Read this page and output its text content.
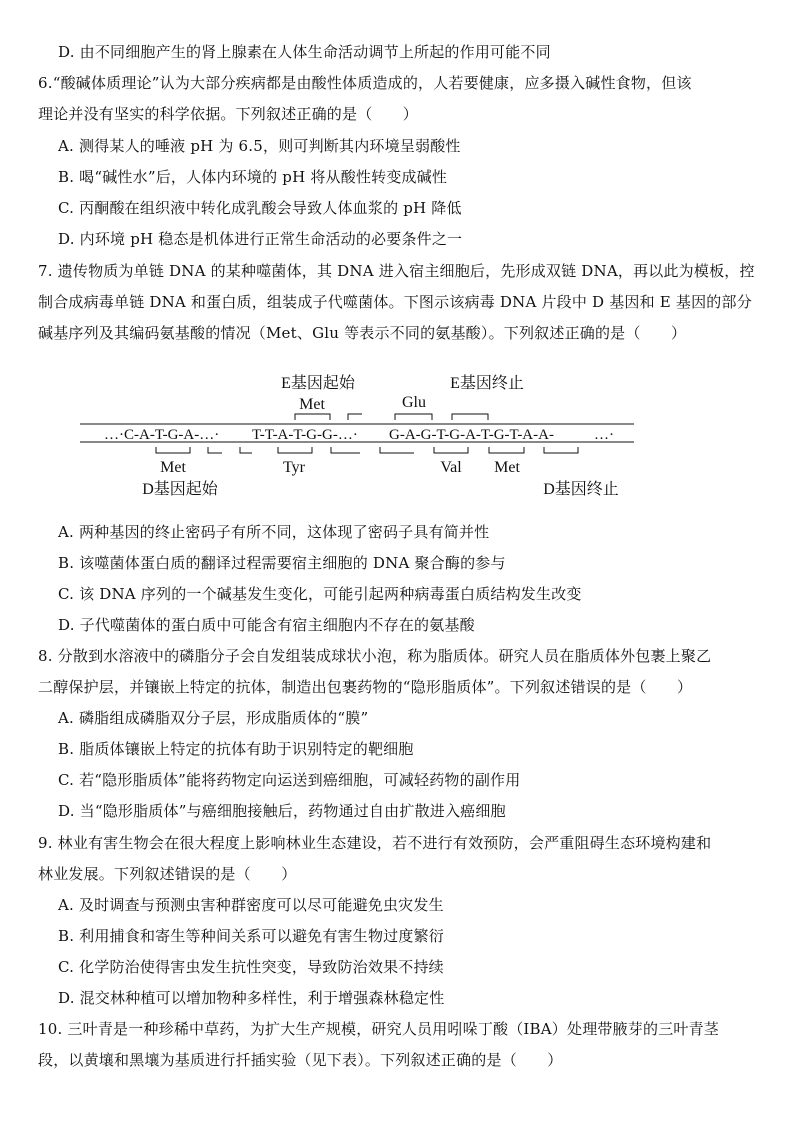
D. 由不同细胞产生的肾上腺素在人体生命活动调节上所起的作用可能不同
6.“酸碱体质理论”认为大部分疾病都是由酸性体质造成的，人若要健康，应多摄入碱性食物，但该
理论并没有坚实的科学依据。下列叙述正确的是（　　）
A. 测得某人的唾液 pH 为 6.5，则可判断其内环境呈弱酸性
B. 喝“碱性水”后，人体内环境的 pH 将从酸性转变成碱性
C. 丙酮酸在组织液中转化成乳酸会导致人体血浆的 pH 降低
D. 内环境 pH 稳态是机体进行正常生命活动的必要条件之一
7. 遗传物质为单链 DNA 的某种噬菌体，其 DNA 进入宿主细胞后，先形成双链 DNA，再以此为模板，控
制合成病毒单链 DNA 和蛋白质，组装成子代噬菌体。下图示该病毒 DNA 片段中 D 基因和 E 基因的部分
碱基序列及其编码氨基酸的情况（Met、Glu 等表示不同的氨基酸）。下列叙述正确的是（　　）
E基因起始	E基因终止
Met	Glu
…·C-A-T-G-A-…· T-T-A-T-G-G-…· G-A-G-T-G-A-T-G-T-A-A-	…·
Met	Tyr	Val Met
D基因起始	D基因终止
A. 两种基因的终止密码子有所不同，这体现了密码子具有简并性
B. 该噬菌体蛋白质的翻译过程需要宿主细胞的 DNA 聚合酶的参与
C. 该 DNA 序列的一个碱基发生变化，可能引起两种病毒蛋白质结构发生改变
D. 子代噬菌体的蛋白质中可能含有宿主细胞内不存在的氨基酸
8. 分散到水溶液中的磷脂分子会自发组装成球状小泡，称为脂质体。研究人员在脂质体外包裹上聚乙
二醇保护层，并镶嵌上特定的抗体，制造出包裹药物的“隐形脂质体”。下列叙述错误的是（　　）
A. 磷脂组成磷脂双分子层，形成脂质体的“膜”
B. 脂质体镶嵌上特定的抗体有助于识别特定的靶细胞
C. 若“隐形脂质体”能将药物定向运送到癌细胞，可减轻药物的副作用
D. 当“隐形脂质体”与癌细胞接触后，药物通过自由扩散进入癌细胞
9. 林业有害生物会在很大程度上影响林业生态建设，若不进行有效预防，会严重阻碍生态环境构建和
林业发展。下列叙述错误的是（　　）
A. 及时调查与预测虫害种群密度可以尽可能避免虫灾发生
B. 利用捕食和寄生等种间关系可以避免有害生物过度繁衍
C. 化学防治使得害虫发生抗性突变，导致防治效果不持续
D. 混交林种植可以增加物种多样性，利于增强森林稳定性
10. 三叶青是一种珍稀中草药，为扩大生产规模，研究人员用吲哚丁酸（IBA）处理带腋芽的三叶青茎
段，以黄壤和黑壤为基质进行扦插实验（见下表）。下列叙述正确的是（　　）
